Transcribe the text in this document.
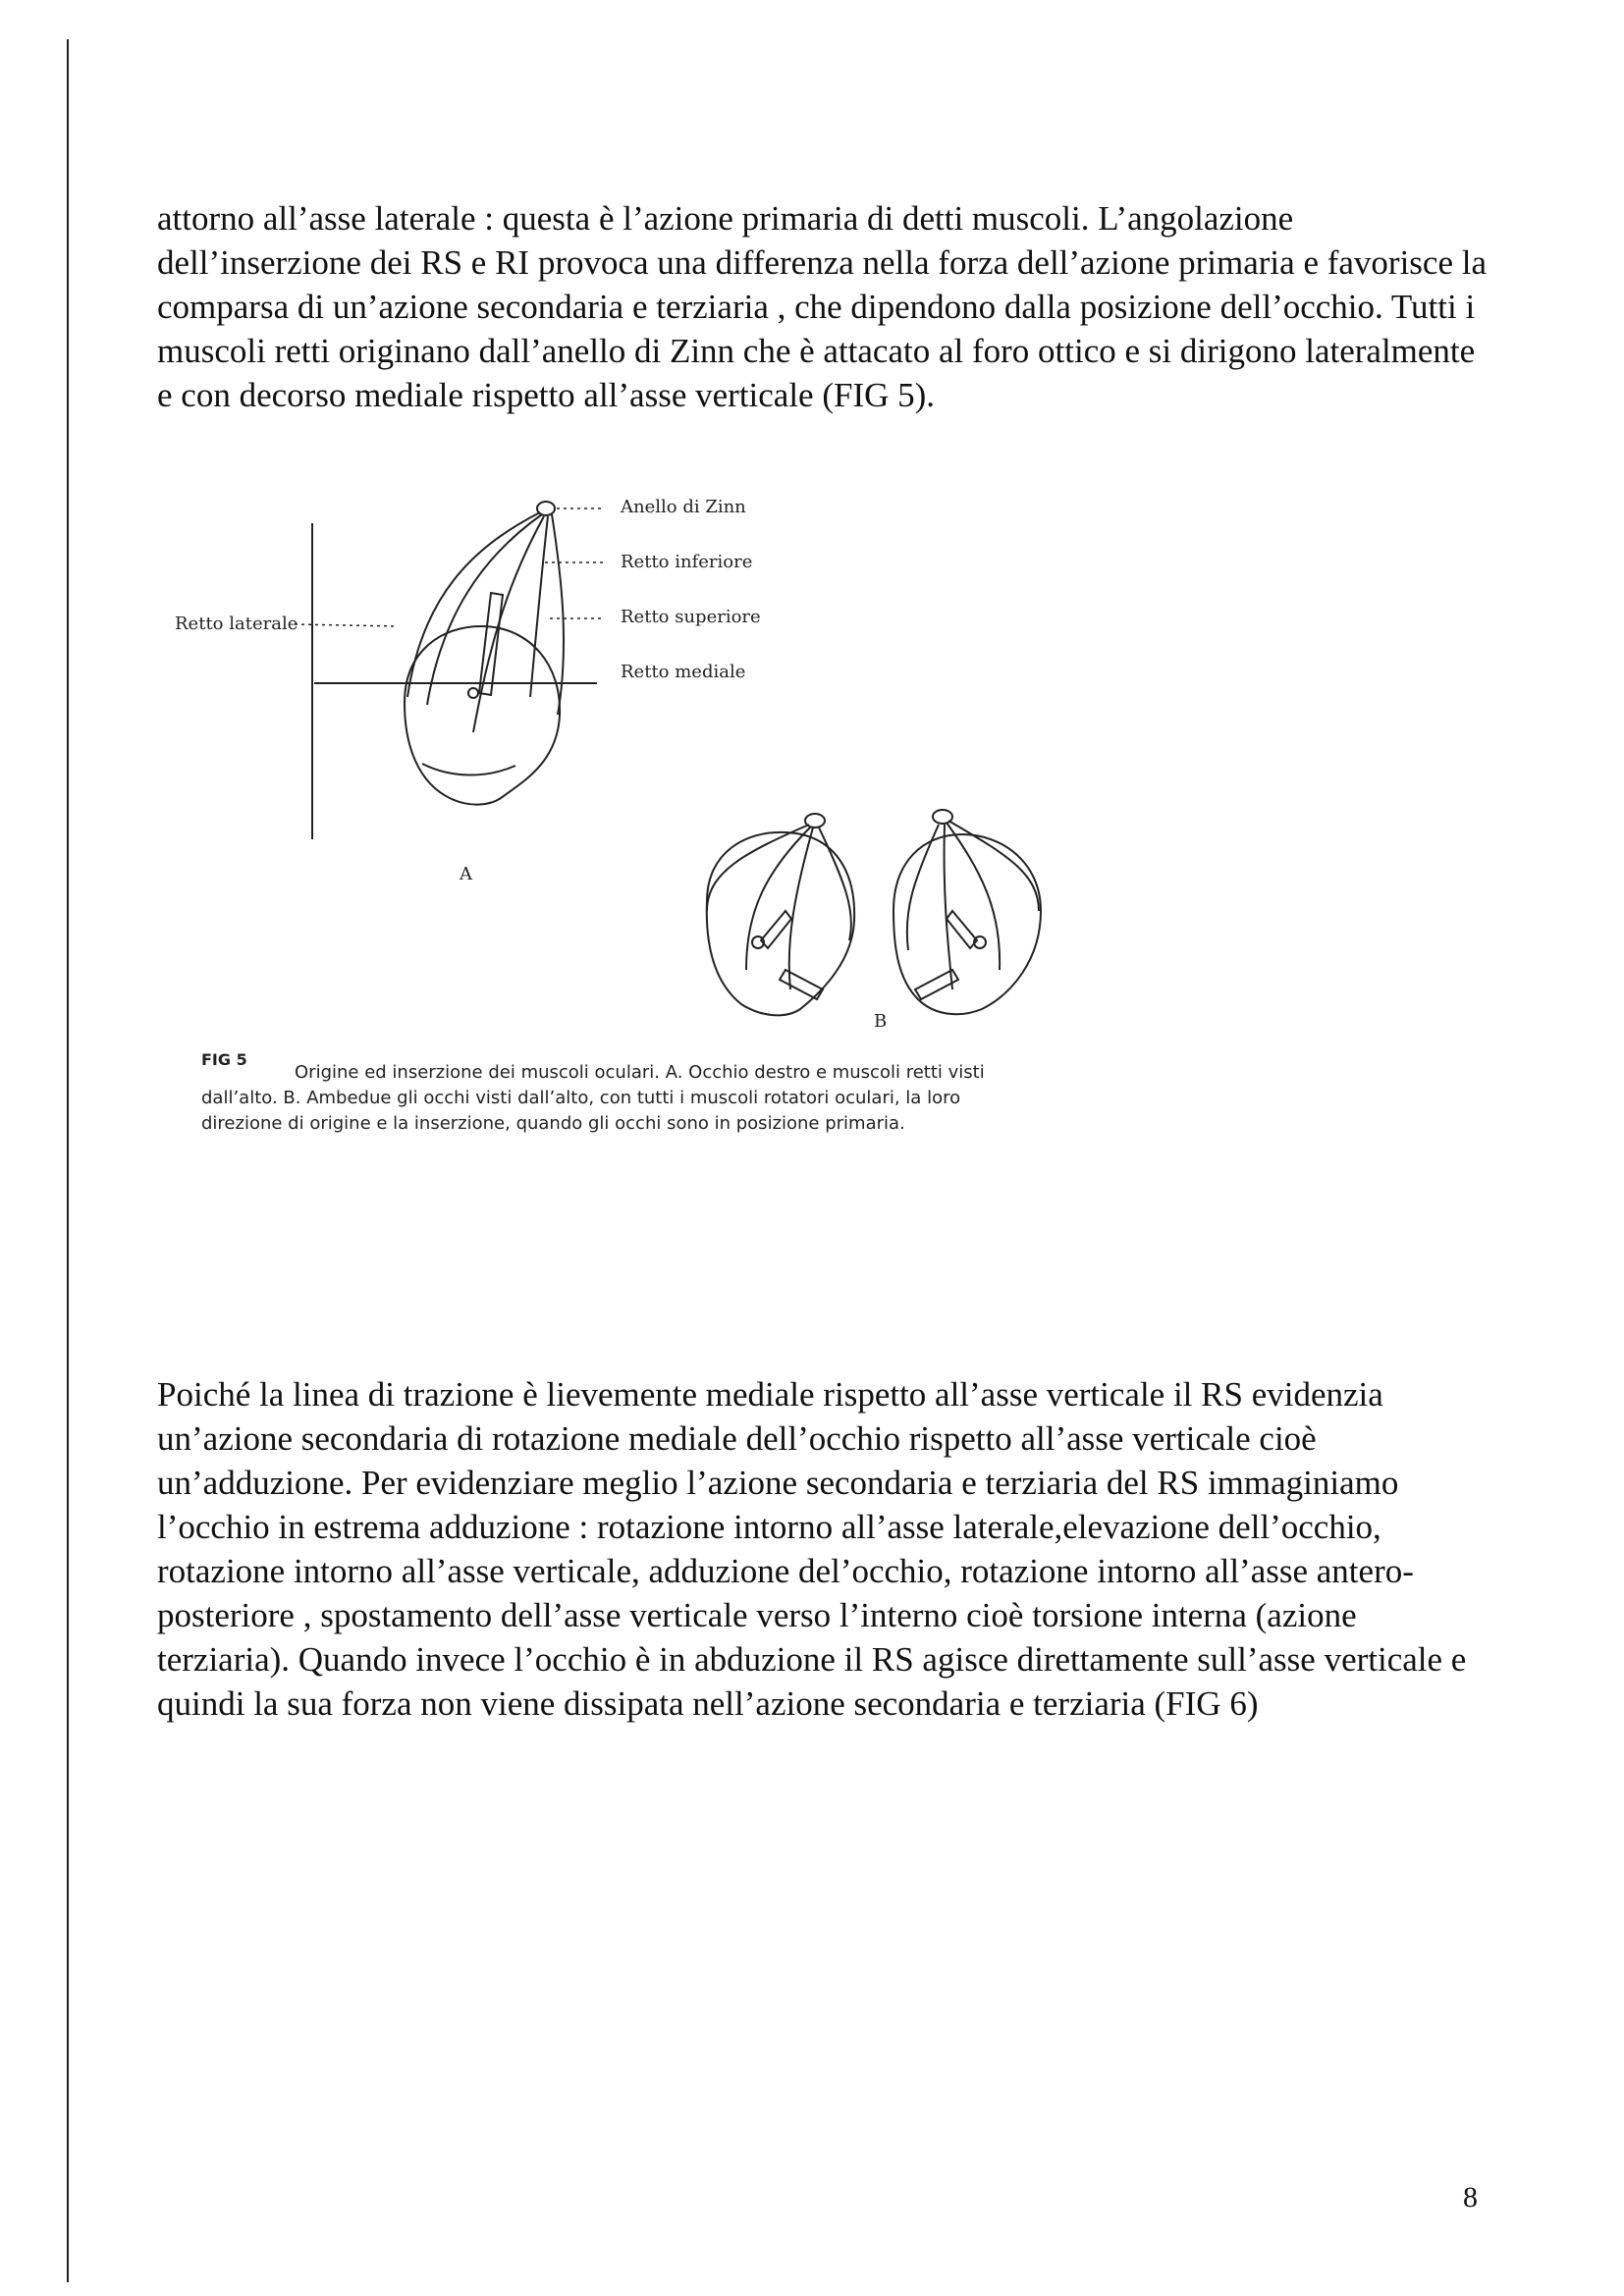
attorno all’asse laterale : questa è l’azione primaria di detti muscoli. L’angolazione dell’inserzione dei RS e RI provoca una differenza nella forza dell’azione primaria e favorisce la comparsa di un’azione secondaria e terziaria , che dipendono dalla posizione dell’occhio. Tutti i muscoli retti originano dall’anello di Zinn che è attacato al foro ottico e si dirigono lateralmente e con decorso mediale rispetto all’asse verticale (FIG 5).

Anello di Zinn
Retto inferiore
Retto superiore
Retto mediale
Retto laterale
A
B
FIG 5
Origine ed inserzione dei muscoli oculari. A. Occhio destro e muscoli retti visti
dall’alto. B. Ambedue gli occhi visti dall’alto, con tutti i muscoli rotatori oculari, la loro
direzione di origine e la inserzione, quando gli occhi sono in posizione primaria.

Poiché la linea di trazione è lievemente mediale rispetto all’asse verticale il RS evidenzia un’azione secondaria di rotazione mediale dell’occhio rispetto all’asse verticale cioè un’adduzione. Per evidenziare meglio l’azione secondaria e terziaria del RS immaginiamo l’occhio in estrema adduzione : rotazione intorno all’asse laterale,elevazione dell’occhio, rotazione intorno all’asse verticale, adduzione del’occhio, rotazione intorno all’asse antero-posteriore , spostamento dell’asse verticale verso l’interno cioè torsione interna (azione terziaria). Quando invece l’occhio è in abduzione il RS agisce direttamente sull’asse verticale e quindi la sua forza non viene dissipata nell’azione secondaria e terziaria (FIG 6)

8
